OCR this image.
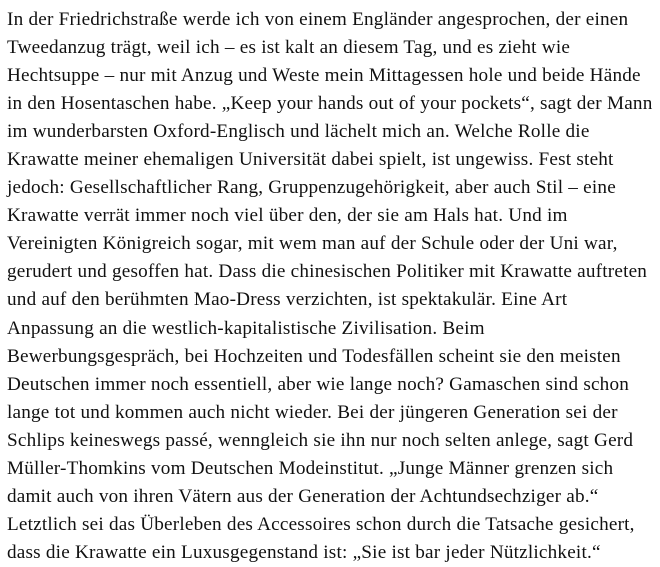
In der Friedrichstraße werde ich von einem Engländer angesprochen, der einen Tweedanzug trägt, weil ich – es ist kalt an diesem Tag, und es zieht wie Hechtsuppe – nur mit Anzug und Weste mein Mittagessen hole und beide Hände in den Hosentaschen habe. „Keep your hands out of your pockets“, sagt der Mann im wunderbarsten Oxford-Englisch und lächelt mich an. Welche Rolle die Krawatte meiner ehemaligen Universität dabei spielt, ist ungewiss. Fest steht jedoch: Gesellschaftlicher Rang, Gruppenzugehörigkeit, aber auch Stil – eine Krawatte verrät immer noch viel über den, der sie am Hals hat. Und im Vereinigten Königreich sogar, mit wem man auf der Schule oder der Uni war, gerudert und gesoffen hat. Dass die chinesischen Politiker mit Krawatte auftreten und auf den berühmten Mao-Dress verzichten, ist spektakulär. Eine Art Anpassung an die westlich-kapitalistische Zivilisation. Beim Bewerbungsgespräch, bei Hochzeiten und Todesfällen scheint sie den meisten Deutschen immer noch essentiell, aber wie lange noch? Gamaschen sind schon lange tot und kommen auch nicht wieder. Bei der jüngeren Generation sei der Schlips keineswegs passé, wenngleich sie ihn nur noch selten anlege, sagt Gerd Müller-Thomkins vom Deutschen Modeinstitut. „Junge Männer grenzen sich damit auch von ihren Vätern aus der Generation der Achtundsechziger ab.“ Letztlich sei das Überleben des Accessoires schon durch die Tatsache gesichert, dass die Krawatte ein Luxusgegenstand ist: „Sie ist bar jeder Nützlichkeit.“
